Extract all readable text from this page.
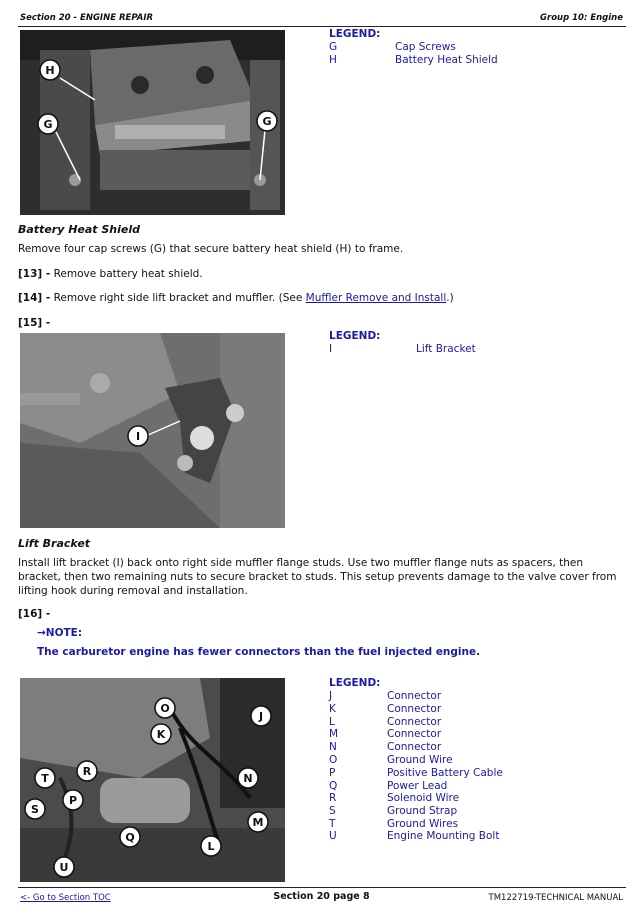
Section 20 - ENGINE REPAIR	Group 10: Engine
H
G	G
LEGEND:
G	Cap Screws
H	Battery Heat Shield
Battery Heat Shield
Remove four cap screws (G) that secure battery heat shield (H) to frame.
[13] - Remove battery heat shield.
[14] - Remove right side lift bracket and muffler. (See Muffler Remove and Install.)
[15] -
I
LEGEND:
I	Lift Bracket
Lift Bracket
Install lift bracket (I) back onto right side muffler flange studs. Use two muffler flange nuts as spacers, then bracket, then two remaining nuts to secure bracket to studs. This setup prevents damage to the valve cover from lifting hook during removal and installation.
[16] -
→NOTE:
The carburetor engine has fewer connectors than the fuel injected engine.
O
J
K
N
T
R
P
S
Q
M
L
U
LEGEND:
J	Connector
K	Connector
L	Connector
M	Connector
N	Connector
O	Ground Wire
P	Positive Battery Cable
Q	Power Lead
R	Solenoid Wire
S	Ground Strap
T	Ground Wires
U	Engine Mounting Bolt
<- Go to Section TOC	Section 20 page 8	TM122719-TECHNICAL MANUAL
